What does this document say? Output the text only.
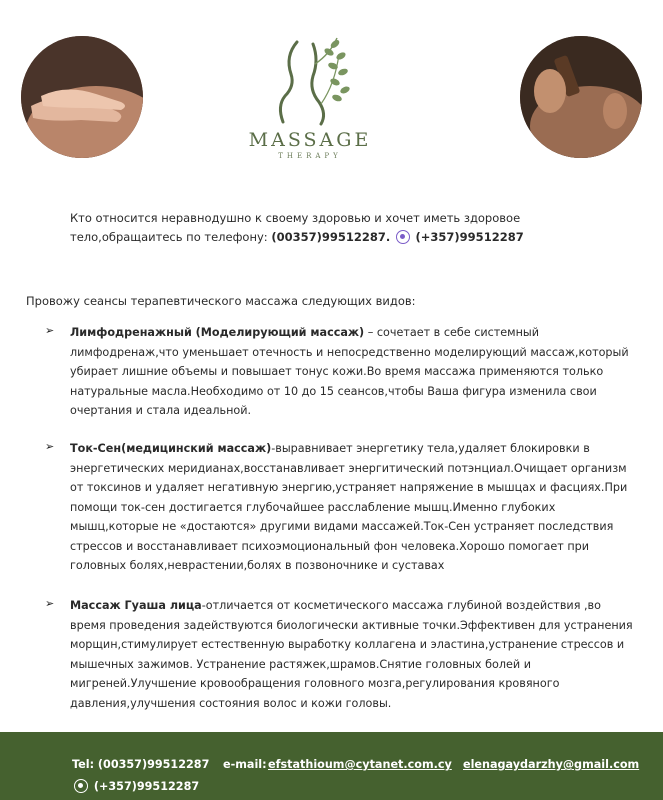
MASSAGE
THERAPY
Кто относится неравнодушно к своему здоровью и хочет иметь здоровое
тело,обращаитесь по телефону: (00357)99512287. (+357)99512287
Провожу сеансы терапевтического массажа следующих видов:
➢ Лимфодренажный (Моделирующий массаж) – сочетает в себе системный лимфодренаж,что уменьшает отечность и непосредственно моделирующий массаж,который убирает лишние объемы и повышает тонус кожи.Во время массажа применяются только натуральные масла.Необходимо от 10 до 15 сеансов,чтобы Ваша фигура изменила свои очертания и стала идеальной.
➢ Ток-Сен(медицинский массаж)-выравнивает энергетику тела,удаляет блокировки в энергетических меридианах,восстанавливает энергитический потэнциал.Очищает организм от токсинов и удаляет негативную энергию,устраняет напряжение в мышцах и фасциях.При помощи ток-сен достигается глубочайшее расслабление мышц.Именно глубоких мышц,которые не «достаются» другими видами массажей.Ток-Сен устраняет последствия стрессов и восстанавливает психоэмоциональный фон человека.Хорошо помогает при головных болях,неврастении,болях в позвоночнике и суставах
➢ Массаж Гуаша лица-отличается от косметического массажа глубиной воздействия ,во время проведения задействуются биологически активные точки.Эффективен для устранения морщин,стимулирует естественную выработку коллагена и эластина,устранение стрессов и мышечных зажимов. Устранение растяжек,шрамов.Снятие головных болей и мигреней.Улучшение кровообращения головного мозга,регулирования кровяного давления,улучшения состояния волос и кожи головы.
Tel: (00357)99512287 e-mail: efstathioum@cytanet.com.cy elenagaydarzhy@gmail.com
(+357)99512287
